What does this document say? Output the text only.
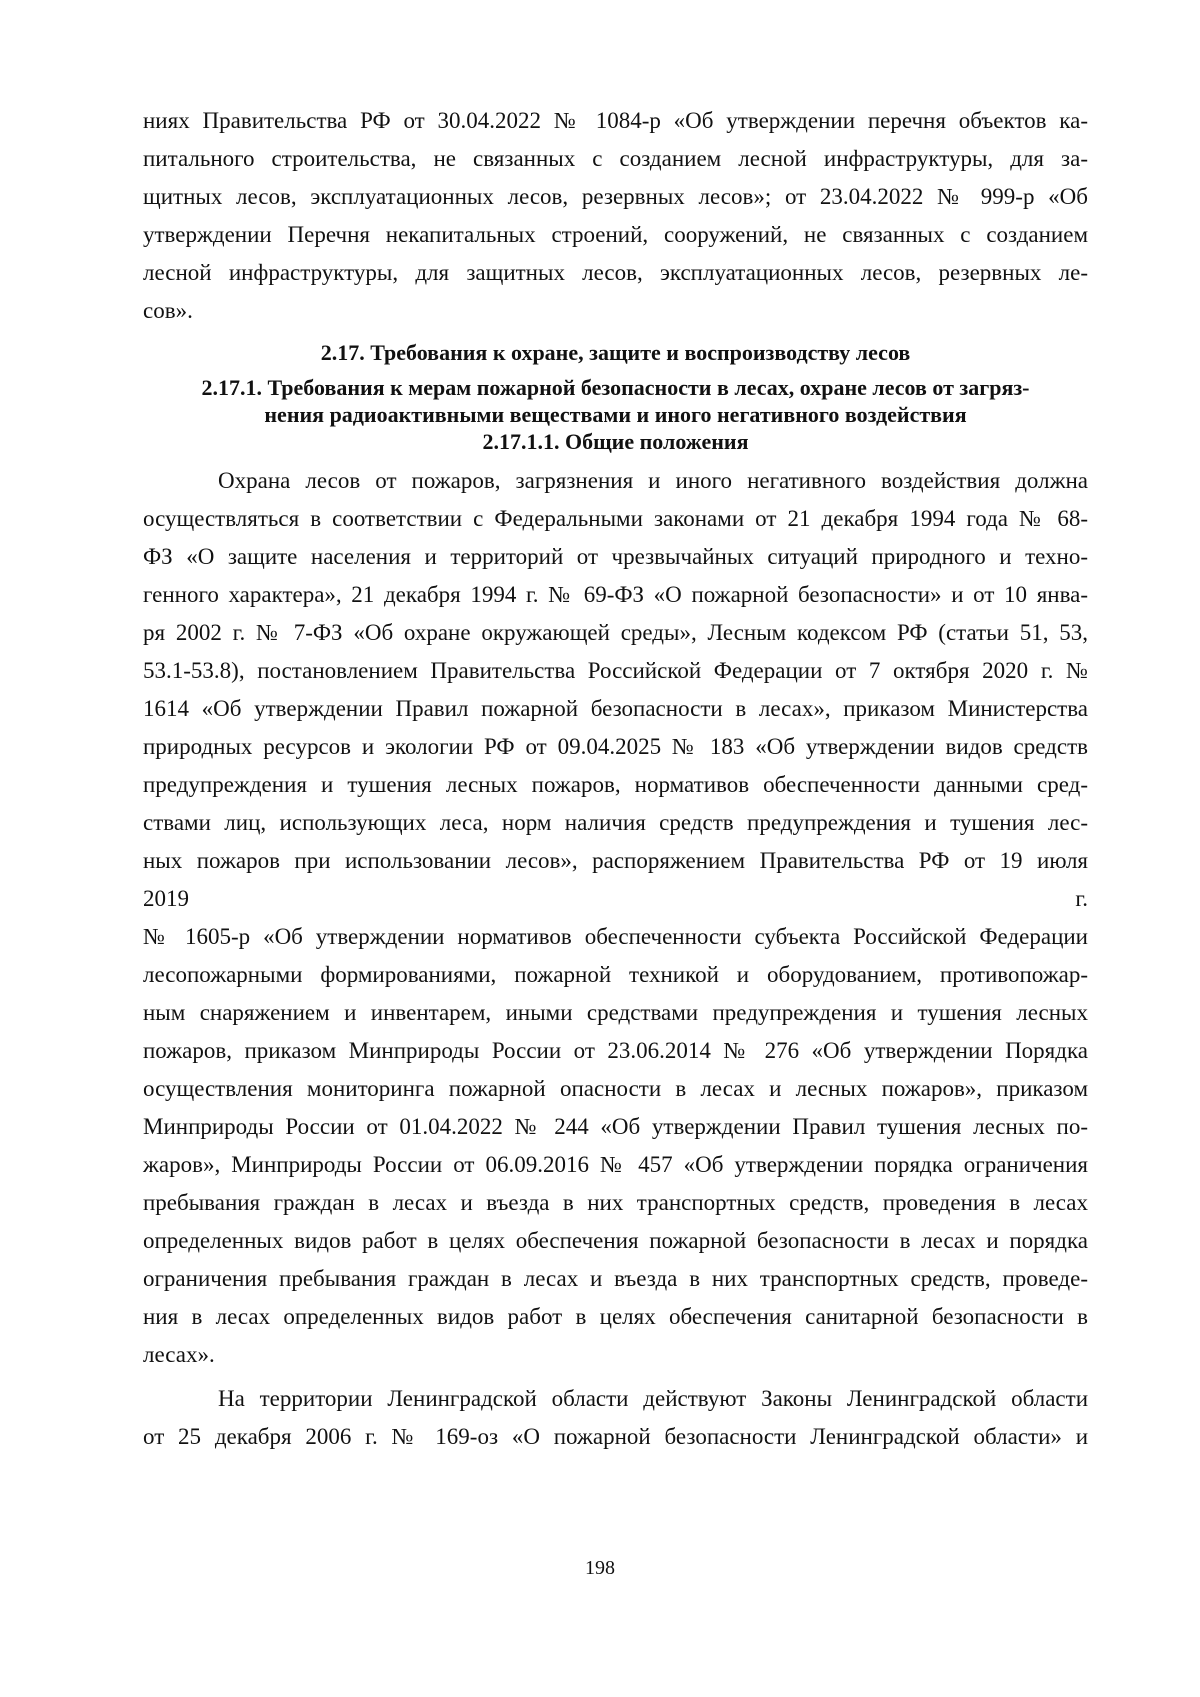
ниях Правительства РФ от 30.04.2022 № 1084-р «Об утверждении перечня объектов ка-
питального строительства, не связанных с созданием лесной инфраструктуры, для за-
щитных лесов, эксплуатационных лесов, резервных лесов»; от 23.04.2022 № 999-р «Об
утверждении Перечня некапитальных строений, сооружений, не связанных с созданием
лесной инфраструктуры, для защитных лесов, эксплуатационных лесов, резервных ле-
сов».
2.17. Требования к охране, защите и воспроизводству лесов
2.17.1. Требования к мерам пожарной безопасности в лесах, охране лесов от загряз-
нения радиоактивными веществами и иного негативного воздействия
2.17.1.1. Общие положения
Охрана лесов от пожаров, загрязнения и иного негативного воздействия должна
осуществляться в соответствии с Федеральными законами от 21 декабря 1994 года № 68-
ФЗ «О защите населения и территорий от чрезвычайных ситуаций природного и техно-
генного характера», 21 декабря 1994 г. № 69-ФЗ «О пожарной безопасности» и от 10 янва-
ря 2002 г. № 7-ФЗ «Об охране окружающей среды», Лесным кодексом РФ (статьи 51, 53,
53.1-53.8), постановлением Правительства Российской Федерации от 7 октября 2020 г. №
1614 «Об утверждении Правил пожарной безопасности в лесах», приказом Министерства
природных ресурсов и экологии РФ от 09.04.2025 № 183 «Об утверждении видов средств
предупреждения и тушения лесных пожаров, нормативов обеспеченности данными сред-
ствами лиц, использующих леса, норм наличия средств предупреждения и тушения лес-
ных пожаров при использовании лесов», распоряжением Правительства РФ от 19 июля
2019 г.
№ 1605-р «Об утверждении нормативов обеспеченности субъекта Российской Федерации
лесопожарными формированиями, пожарной техникой и оборудованием, противопожар-
ным снаряжением и инвентарем, иными средствами предупреждения и тушения лесных
пожаров, приказом Минприроды России от 23.06.2014 № 276 «Об утверждении Порядка
осуществления мониторинга пожарной опасности в лесах и лесных пожаров», приказом
Минприроды России от 01.04.2022 № 244 «Об утверждении Правил тушения лесных по-
жаров», Минприроды России от 06.09.2016 № 457 «Об утверждении порядка ограничения
пребывания граждан в лесах и въезда в них транспортных средств, проведения в лесах
определенных видов работ в целях обеспечения пожарной безопасности в лесах и порядка
ограничения пребывания граждан в лесах и въезда в них транспортных средств, проведе-
ния в лесах определенных видов работ в целях обеспечения санитарной безопасности в
лесах».
На территории Ленинградской области действуют Законы Ленинградской области
от 25 декабря 2006 г. № 169-оз «О пожарной безопасности Ленинградской области» и
198
